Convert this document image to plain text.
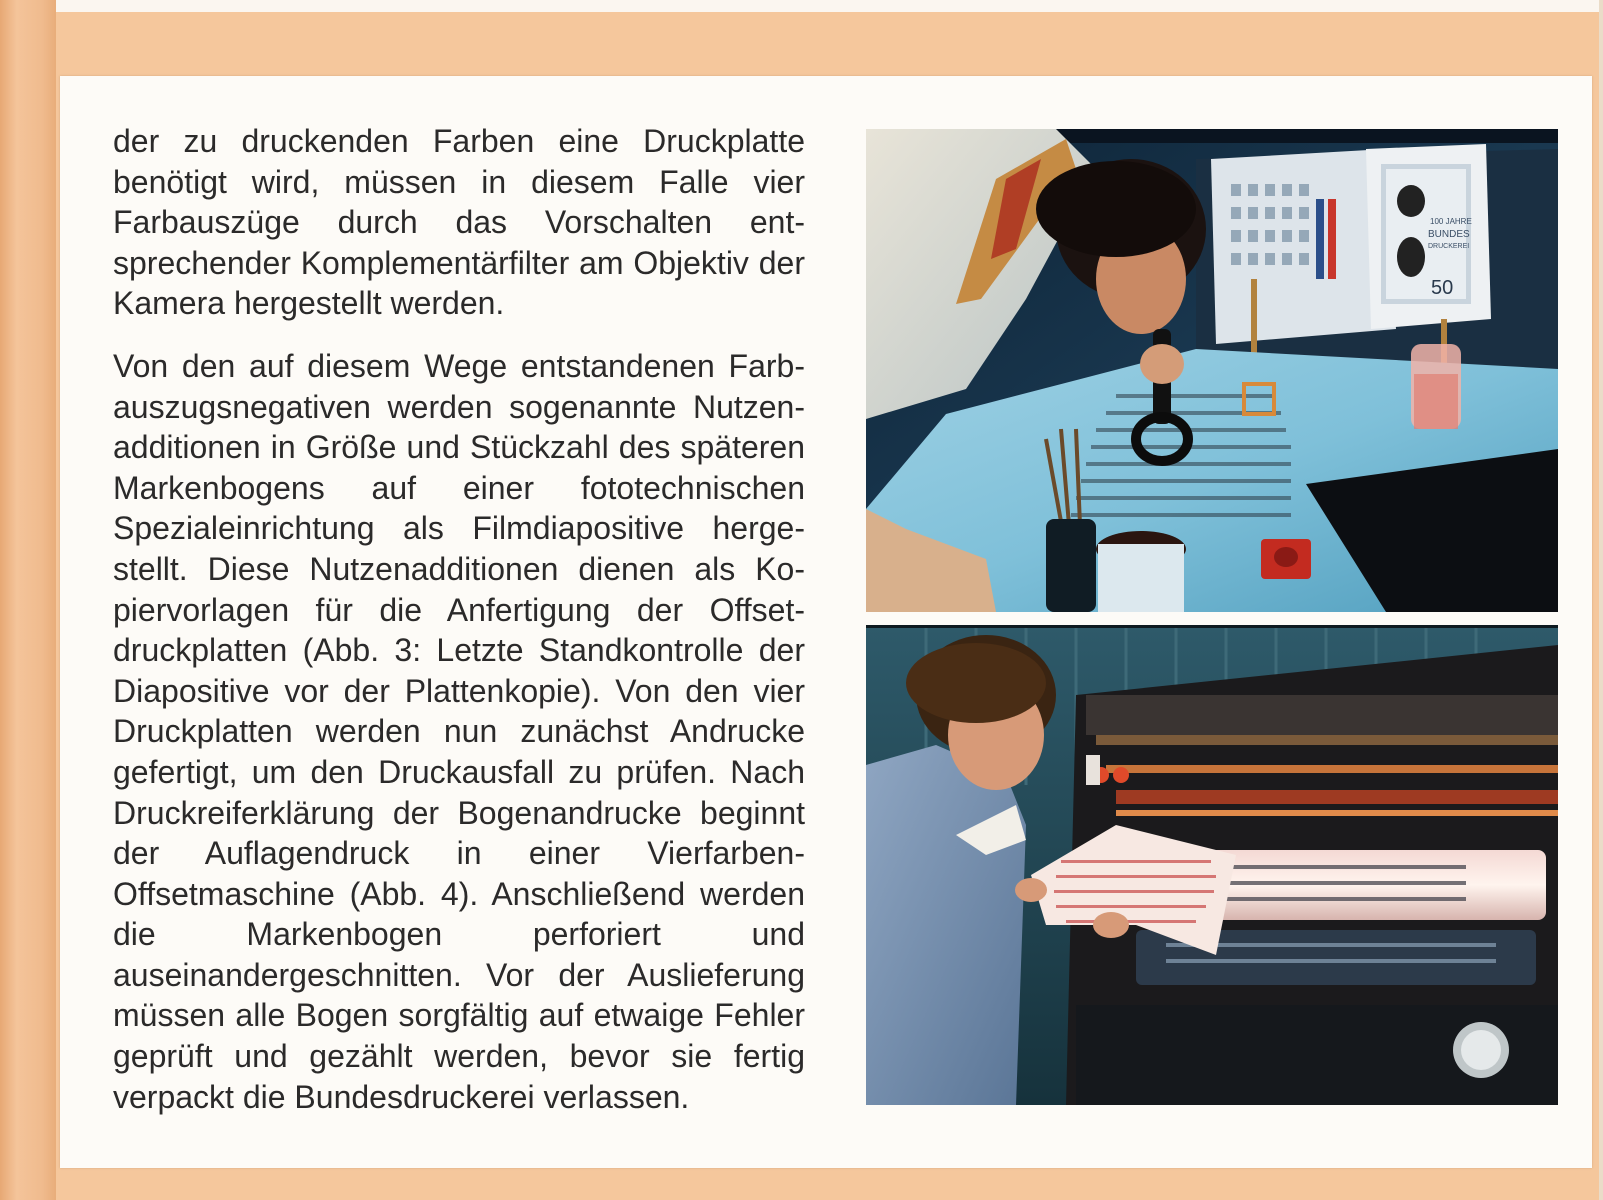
der zu druckenden Farben eine Druckplatte benötigt wird, müssen in diesem Falle vier Farbauszüge durch das Vorschalten entsprechender Komplementärfilter am Objektiv der Kamera hergestellt werden.

Von den auf diesem Wege entstandenen Farbauszugsnegativen werden sogenannte Nutzenadditionen in Größe und Stückzahl des späteren Markenbogens auf einer fototechnischen Spezialeinrichtung als Filmdiapositive hergestellt. Diese Nutzenadditionen dienen als Kopiervorlagen für die Anfertigung der Offsetdruckplatten (Abb. 3: Letzte Standkontrolle der Diapositive vor der Plattenkopie). Von den vier Druckplatten werden nun zunächst Andrucke gefertigt, um den Druckausfall zu prüfen. Nach Druckreiferklärung der Bogenandrucke beginnt der Auflagendruck in einer Vierfarben-Offsetmaschine (Abb. 4). Anschließend werden die Markenbogen perforiert und auseinandergeschnitten. Vor der Auslieferung müssen alle Bogen sorgfältig auf etwaige Fehler geprüft und gezählt werden, bevor sie fertig verpackt die Bundesdruckerei verlassen.

100 JAHRE
BUNDES
DRUCKEREI
50
